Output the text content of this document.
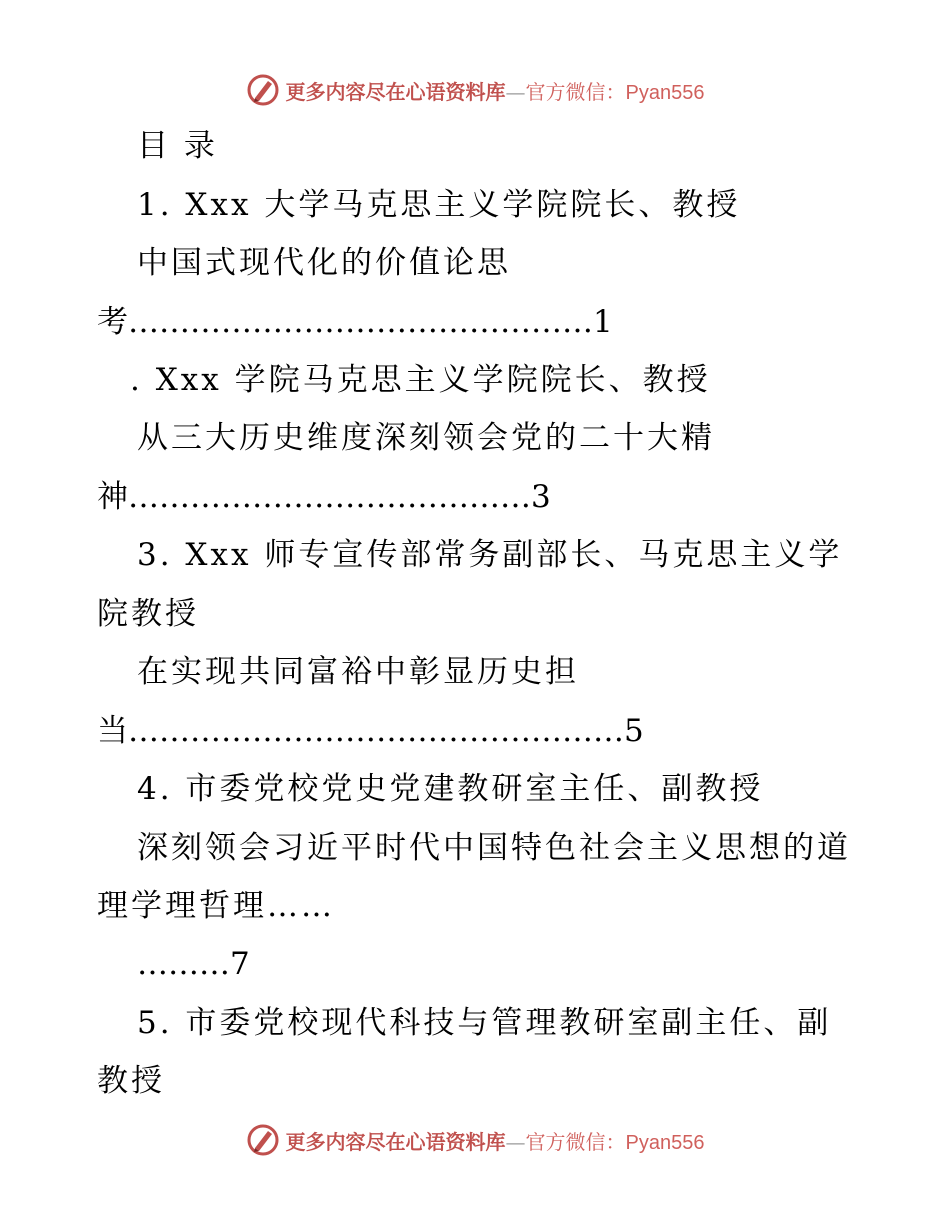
更多内容尽在心语资料库—官方微信：Pyan556
目 录
1. Xxx 大学马克思主义学院院长、教授
中国式现代化的价值论思
考………………………………………1
. Xxx 学院马克思主义学院院长、教授
从三大历史维度深刻领会党的二十大精
神…………………………………3
3. Xxx 师专宣传部常务副部长、马克思主义学
院教授
在实现共同富裕中彰显历史担
当…………………………………………5
4. 市委党校党史党建教研室主任、副教授
深刻领会习近平时代中国特色社会主义思想的道
理学理哲理……
………7
5. 市委党校现代科技与管理教研室副主任、副
教授
更多内容尽在心语资料库—官方微信：Pyan556
